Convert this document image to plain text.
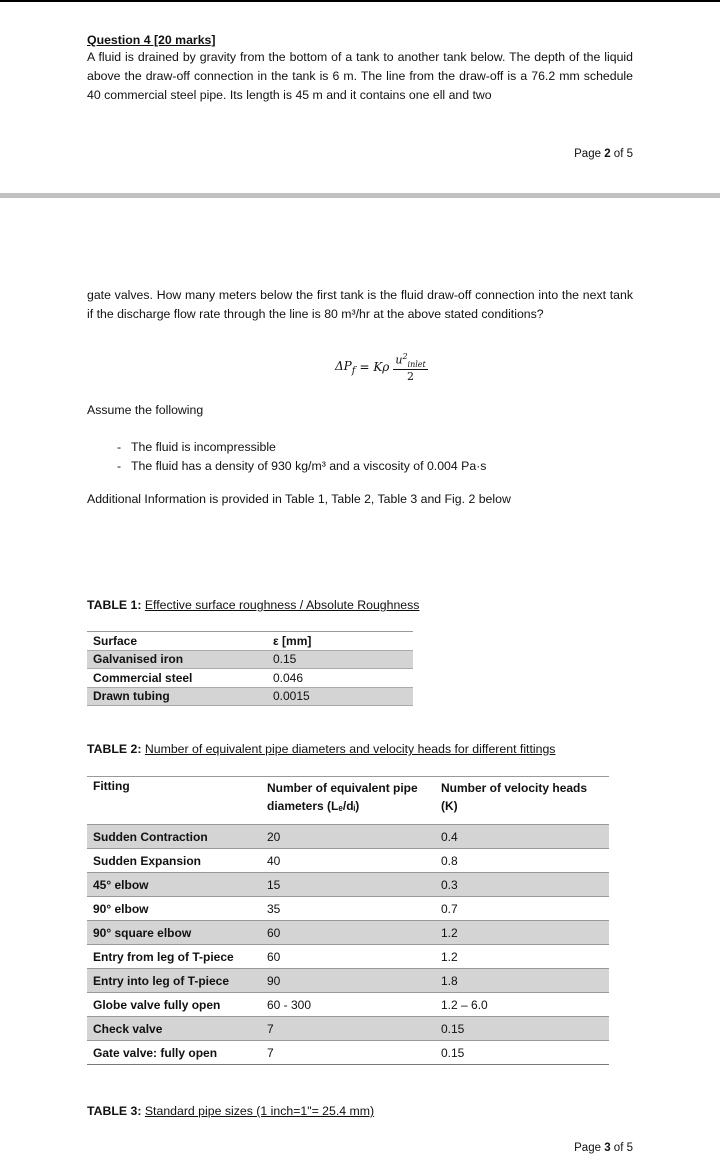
Question 4 [20 marks]
A fluid is drained by gravity from the bottom of a tank to another tank below. The depth of the liquid above the draw-off connection in the tank is 6 m. The line from the draw-off is a 76.2 mm schedule 40 commercial steel pipe. Its length is 45 m and it contains one ell and two
Page 2 of 5
gate valves. How many meters below the first tank is the fluid draw-off connection into the next tank if the discharge flow rate through the line is 80 m³/hr at the above stated conditions?
$\Delta P_f = K\rho \frac{u^2_{inlet}}{2}$
Assume the following
- The fluid is incompressible
- The fluid has a density of 930 kg/m³ and a viscosity of 0.004 Pa·s
Additional Information is provided in Table 1, Table 2, Table 3 and Fig. 2 below
TABLE 1: Effective surface roughness / Absolute Roughness
Surface	ε [mm]
Galvanised iron	0.15
Commercial steel	0.046
Drawn tubing	0.0015
TABLE 2: Number of equivalent pipe diameters and velocity heads for different fittings
Fitting	Number of equivalent pipe diameters (Lₑ/dᵢ)	Number of velocity heads (K)
Sudden Contraction	20	0.4
Sudden Expansion	40	0.8
45° elbow	15	0.3
90° elbow	35	0.7
90° square elbow	60	1.2
Entry from leg of T-piece	60	1.2
Entry into leg of T-piece	90	1.8
Globe valve fully open	60 - 300	1.2 – 6.0
Check valve	7	0.15
Gate valve: fully open	7	0.15
TABLE 3: Standard pipe sizes (1 inch=1"= 25.4 mm)
Page 3 of 5
